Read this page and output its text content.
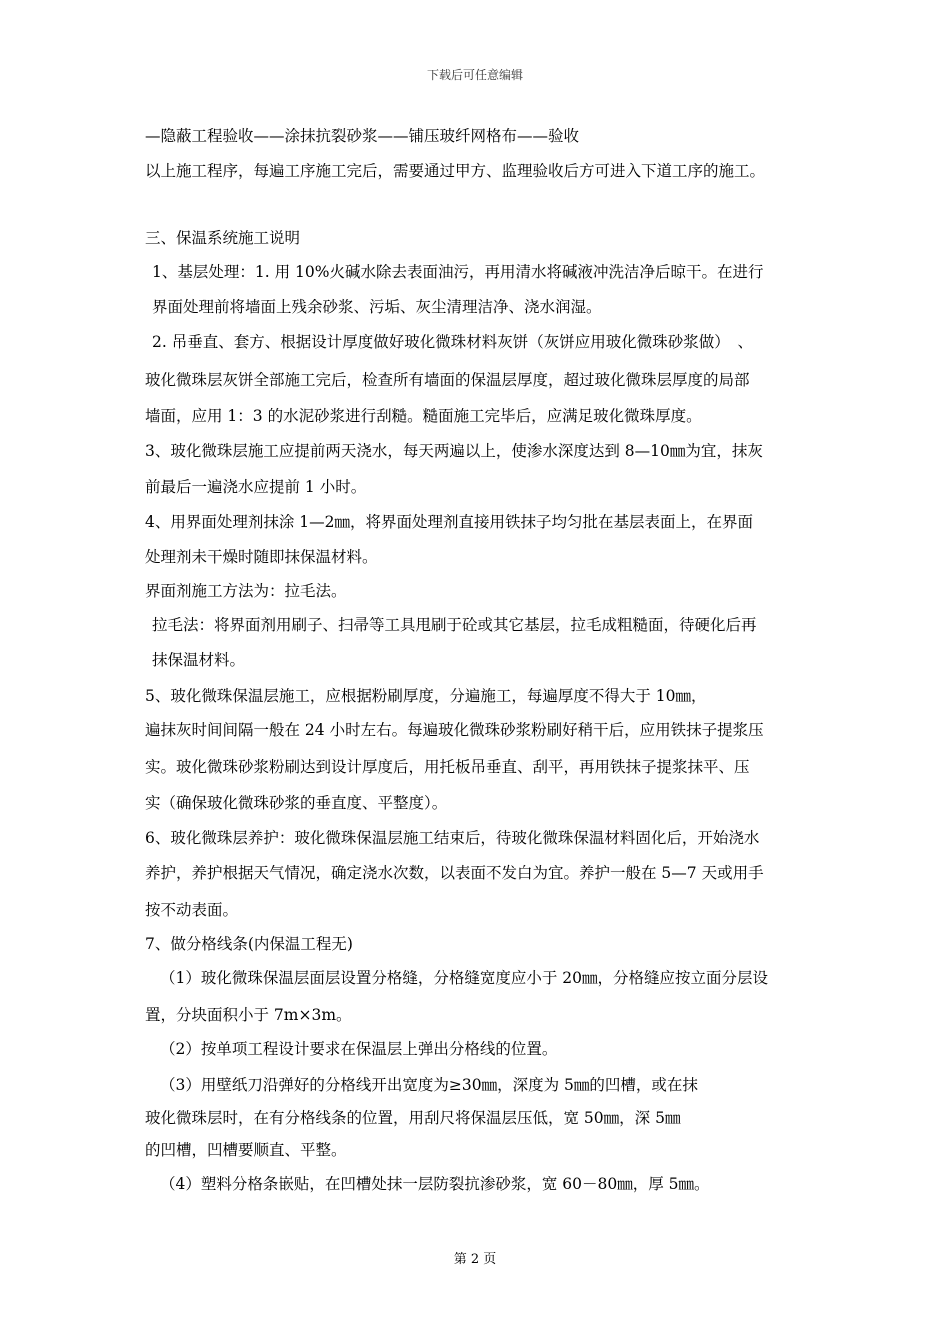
下载后可任意编辑
—隐蔽工程验收——涂抹抗裂砂浆——铺压玻纤网格布——验收
以上施工程序，每遍工序施工完后，需要通过甲方、监理验收后方可进入下道工序的施工。
三、保温系统施工说明
1、基层处理：1. 用 10%火碱水除去表面油污，再用清水将碱液冲洗洁净后晾干。在进行
界面处理前将墙面上残余砂浆、污垢、灰尘清理洁净、浇水润湿。
2. 吊垂直、套方、根据设计厚度做好玻化微珠材料灰饼（灰饼应用玻化微珠砂浆做）　、
玻化微珠层灰饼全部施工完后，检查所有墙面的保温层厚度，超过玻化微珠层厚度的局部
墙面，应用 1：3 的水泥砂浆进行刮糙。糙面施工完毕后，应满足玻化微珠厚度。
3、玻化微珠层施工应提前两天浇水，每天两遍以上，使渗水深度达到 8—10㎜为宜，抹灰
前最后一遍浇水应提前 1 小时。
4、用界面处理剂抹涂 1—2㎜，将界面处理剂直接用铁抹子均匀批在基层表面上，在界面
处理剂未干燥时随即抹保温材料。
界面剂施工方法为：拉毛法。
拉毛法：将界面剂用刷子、扫帚等工具甩刷于砼或其它基层，拉毛成粗糙面，待硬化后再
抹保温材料。
5、玻化微珠保温层施工，应根据粉刷厚度，分遍施工，每遍厚度不得大于 10㎜，
遍抹灰时间间隔一般在 24 小时左右。每遍玻化微珠砂浆粉刷好稍干后，应用铁抹子提浆压
实。玻化微珠砂浆粉刷达到设计厚度后，用托板吊垂直、刮平，再用铁抹子提浆抹平、压
实（确保玻化微珠砂浆的垂直度、平整度）。
6、玻化微珠层养护：玻化微珠保温层施工结束后，待玻化微珠保温材料固化后，开始浇水
养护，养护根据天气情况，确定浇水次数，以表面不发白为宜。养护一般在 5—7 天或用手
按不动表面。
7、做分格线条(内保温工程无)
（1）玻化微珠保温层面层设置分格缝，分格缝宽度应小于 20㎜，分格缝应按立面分层设
置，分块面积小于 7m×3m。
（2）按单项工程设计要求在保温层上弹出分格线的位置。
（3）用壁纸刀沿弹好的分格线开出宽度为≥30㎜，深度为 5㎜的凹槽，或在抹
玻化微珠层时，在有分格线条的位置，用刮尺将保温层压低，宽 50㎜，深 5㎜
的凹槽，凹槽要顺直、平整。
（4）塑料分格条嵌贴，在凹槽处抹一层防裂抗渗砂浆，宽 60－80㎜，厚 5㎜。
第 2 页
